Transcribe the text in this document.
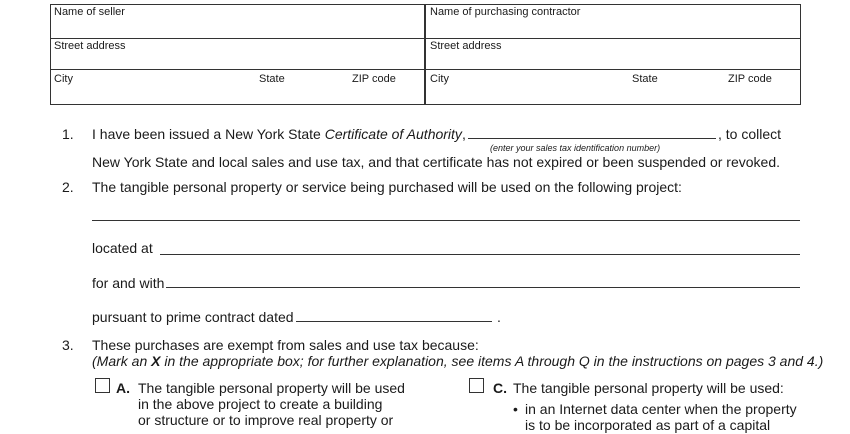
Name of seller	Name of purchasing contractor
Street address	Street address
City	State	ZIP code	City	State	ZIP code
1. I have been issued a New York State Certificate of Authority,
(enter your sales tax identification number)
, to collect
New York State and local sales and use tax, and that certificate has not expired or been suspended or revoked.
2. The tangible personal property or service being purchased will be used on the following project:
located at
for and with
pursuant to prime contract dated	.
3. These purchases are exempt from sales and use tax because:
(Mark an X in the appropriate box; for further explanation, see items A through Q in the instructions on pages 3 and 4.)
A. The tangible personal property will be used
in the above project to create a building
or structure or to improve real property or
C. The tangible personal property will be used:
• in an Internet data center when the property
is to be incorporated as part of a capital
